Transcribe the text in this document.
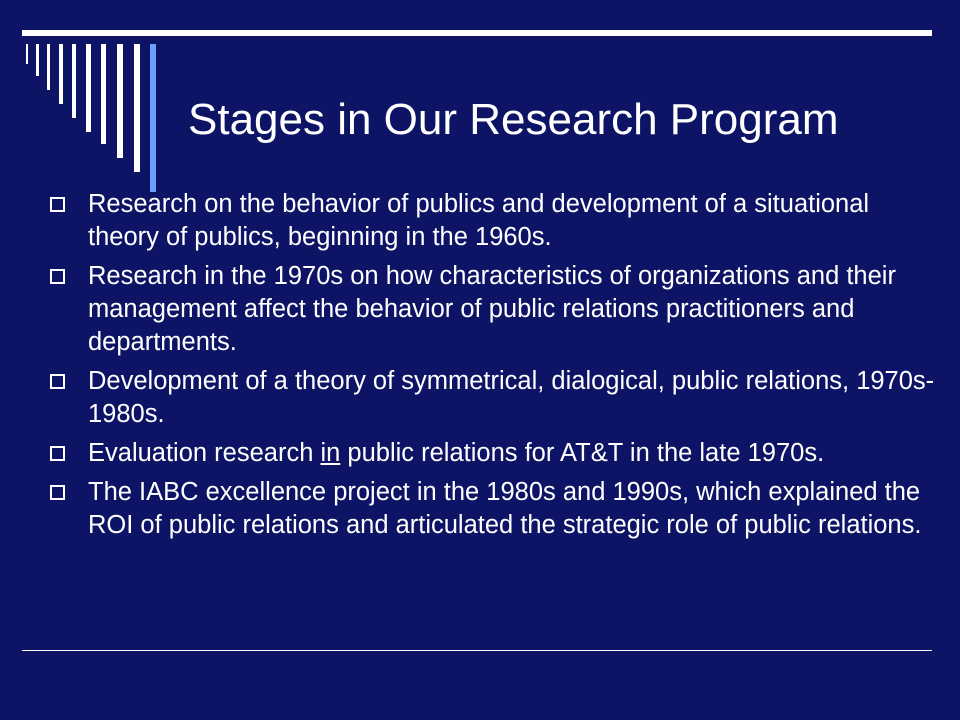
Stages in Our Research Program
Research on the behavior of publics and development of a situational theory of publics, beginning in the 1960s.
Research in the 1970s on how characteristics of organizations and their management affect the behavior of public relations practitioners and departments.
Development of a theory of symmetrical, dialogical, public relations, 1970s-1980s.
Evaluation research in public relations for AT&T in the late 1970s.
The IABC excellence project in the 1980s and 1990s, which explained the ROI of public relations and articulated the strategic role of public relations.
